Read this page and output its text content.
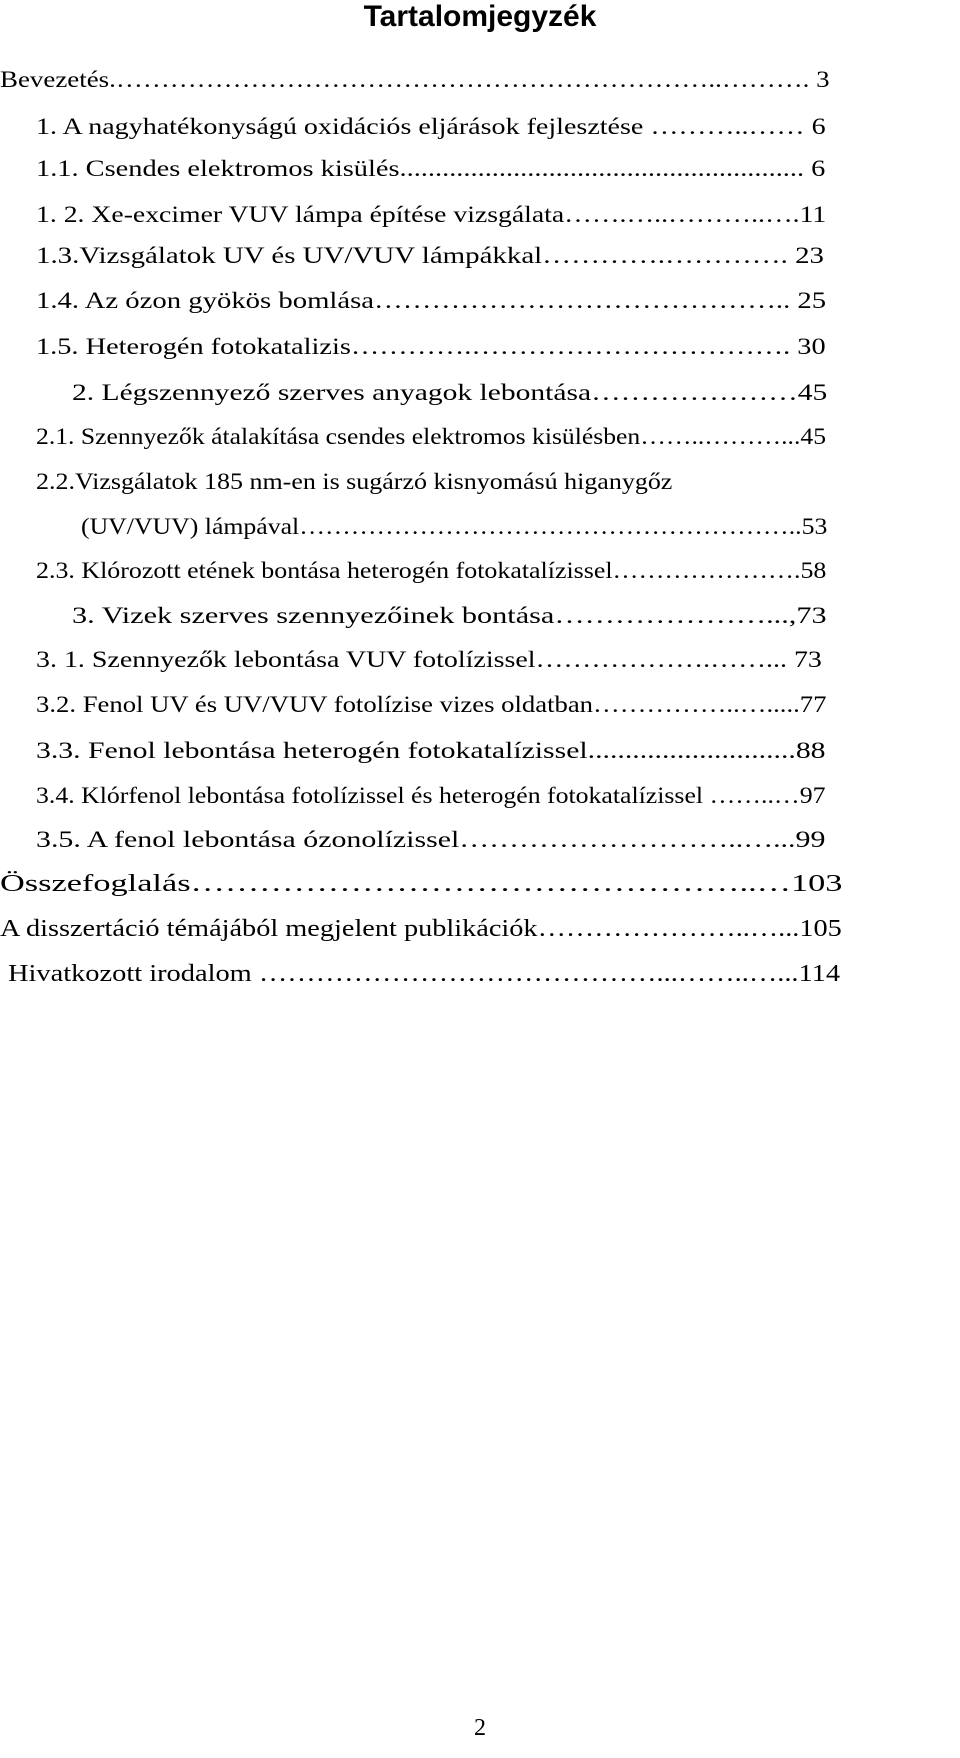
Tartalomjegyzék
Bevezetés.…………………………………………………………..………. 3
1. A nagyhatékonyságú oxidációs eljárások fejlesztése ………..…… 6
1.1. Csendes elektromos kisülés......................................................... 6
1. 2. Xe-excimer VUV lámpa építése vizsgálata…….…..………..….11
1.3.Vizsgálatok UV és UV/VUV lámpákkal………….…………. 23
1.4. Az ózon gyökös bomlása…………………………………….. 25
1.5. Heterogén fotokatalizis………….……………………………. 30
2. Légszennyező szerves anyagok lebontása…………………45
2.1. Szennyezők átalakítása csendes elektromos kisülésben……..………...45
2.2.Vizsgálatok 185 nm-en is sugárzó kisnyomású higanygőz
(UV/VUV) lámpával…………………………………………………..53
2.3. Klórozott etének bontása heterogén fotokatalízissel………………….58
3. Vizek szerves szennyezőinek bontása…………………...,73
3. 1. Szennyezők lebontása VUV fotolízissel……………….……... 73
3.2. Fenol UV és UV/VUV fotolízise vizes oldatban……………..….....77
3.3. Fenol lebontása heterogén fotokatalízissel............................88
3.4. Klórfenol lebontása fotolízissel és heterogén fotokatalízissel ……..…97
3.5. A fenol lebontása ózonolízissel………………………..…...99
Összefoglalás…………………………………………..…103
A disszertáció témájából megjelent publikációk…………………..…...105
Hivatkozott irodalom ……………………………………...……..…...114
2
